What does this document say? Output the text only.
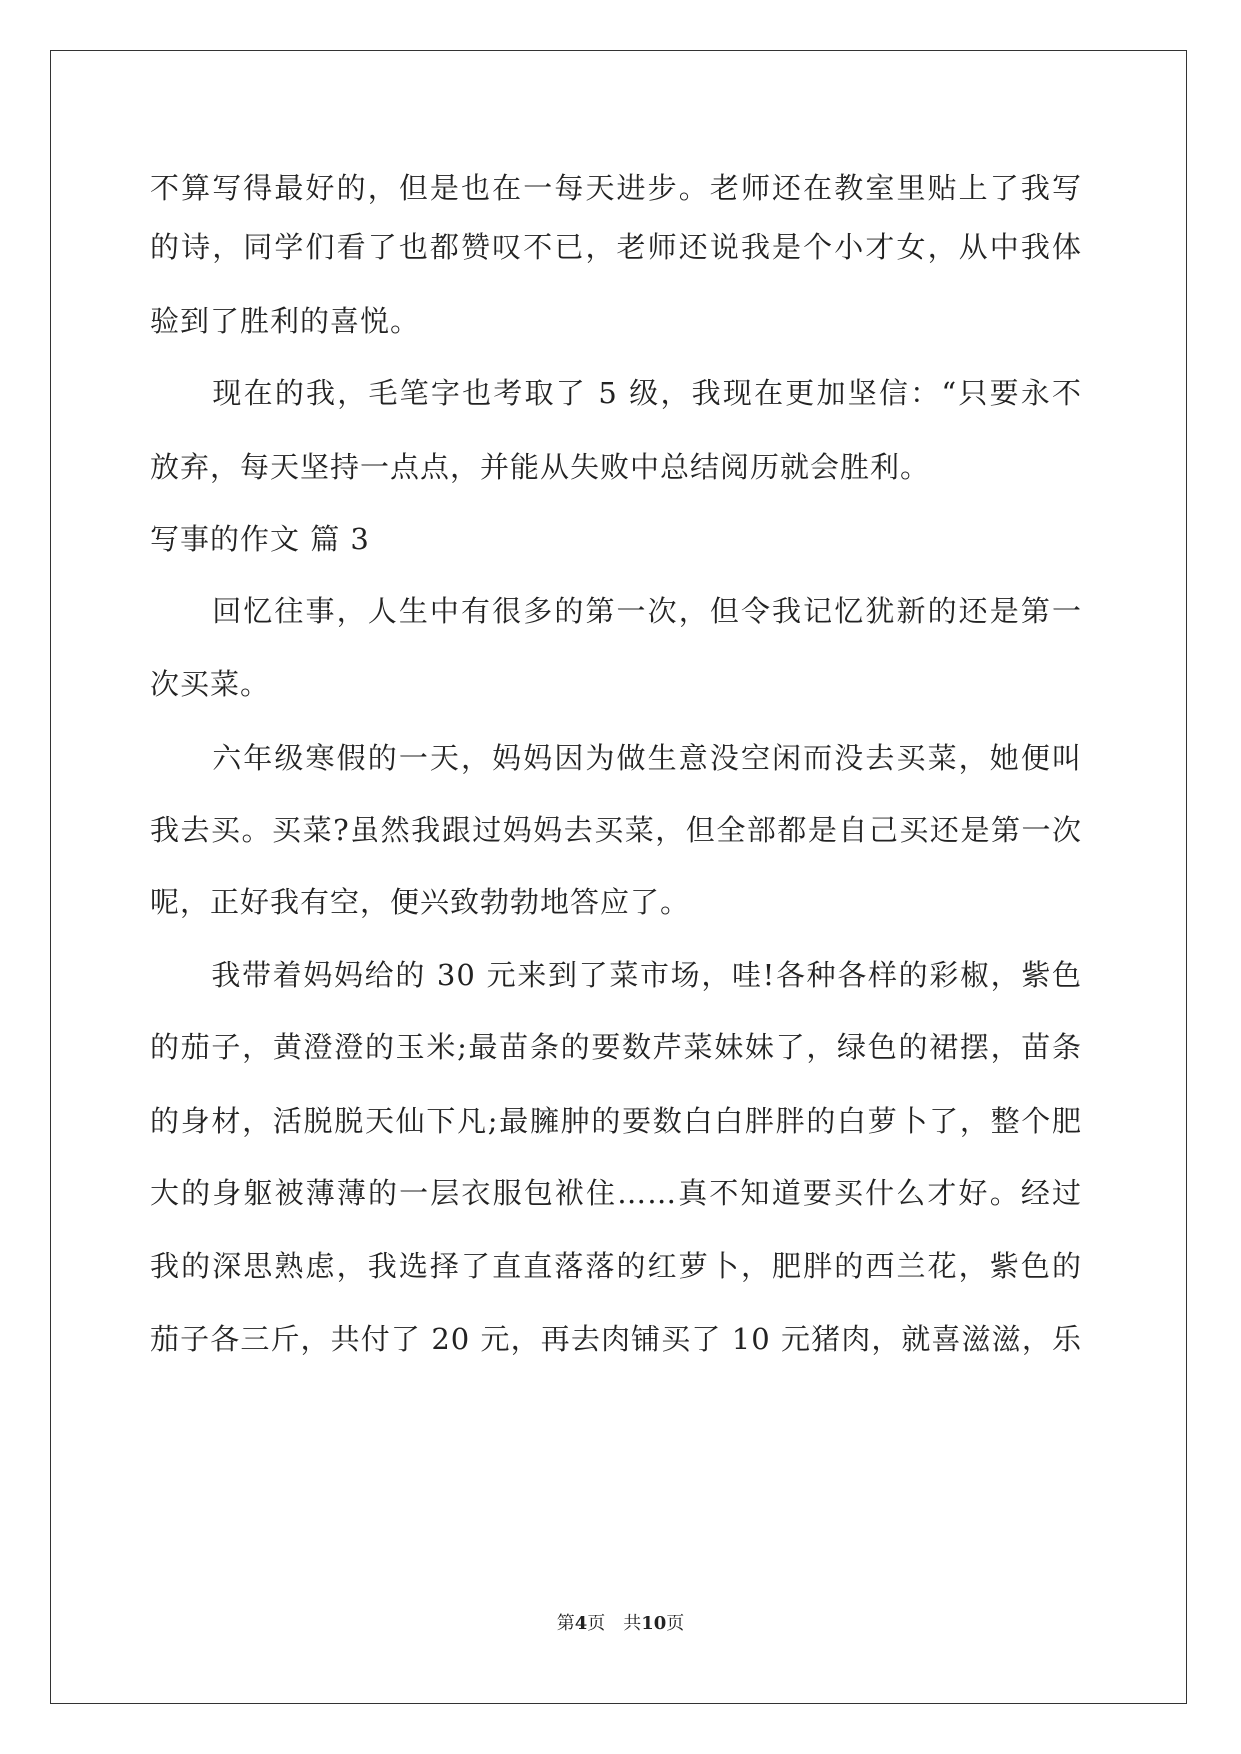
不算写得最好的，但是也在一每天进步。老师还在教室里贴上了我写
的诗，同学们看了也都赞叹不已，老师还说我是个小才女，从中我体
验到了胜利的喜悦。
　　现在的我，毛笔字也考取了 5 级，我现在更加坚信：“只要永不
放弃，每天坚持一点点，并能从失败中总结阅历就会胜利。
写事的作文 篇 3
　　回忆往事，人生中有很多的第一次，但令我记忆犹新的还是第一
次买菜。
　　六年级寒假的一天，妈妈因为做生意没空闲而没去买菜，她便叫
我去买。买菜?虽然我跟过妈妈去买菜，但全部都是自己买还是第一次
呢，正好我有空，便兴致勃勃地答应了。
　　我带着妈妈给的 30 元来到了菜市场，哇!各种各样的彩椒，紫色
的茄子，黄澄澄的玉米;最苗条的要数芹菜妹妹了，绿色的裙摆，苗条
的身材，活脱脱天仙下凡;最臃肿的要数白白胖胖的白萝卜了，整个肥
大的身躯被薄薄的一层衣服包袱住……真不知道要买什么才好。经过
我的深思熟虑，我选择了直直落落的红萝卜，肥胖的西兰花，紫色的
茄子各三斤，共付了 20 元，再去肉铺买了 10 元猪肉，就喜滋滋，乐
第4页　共10页
